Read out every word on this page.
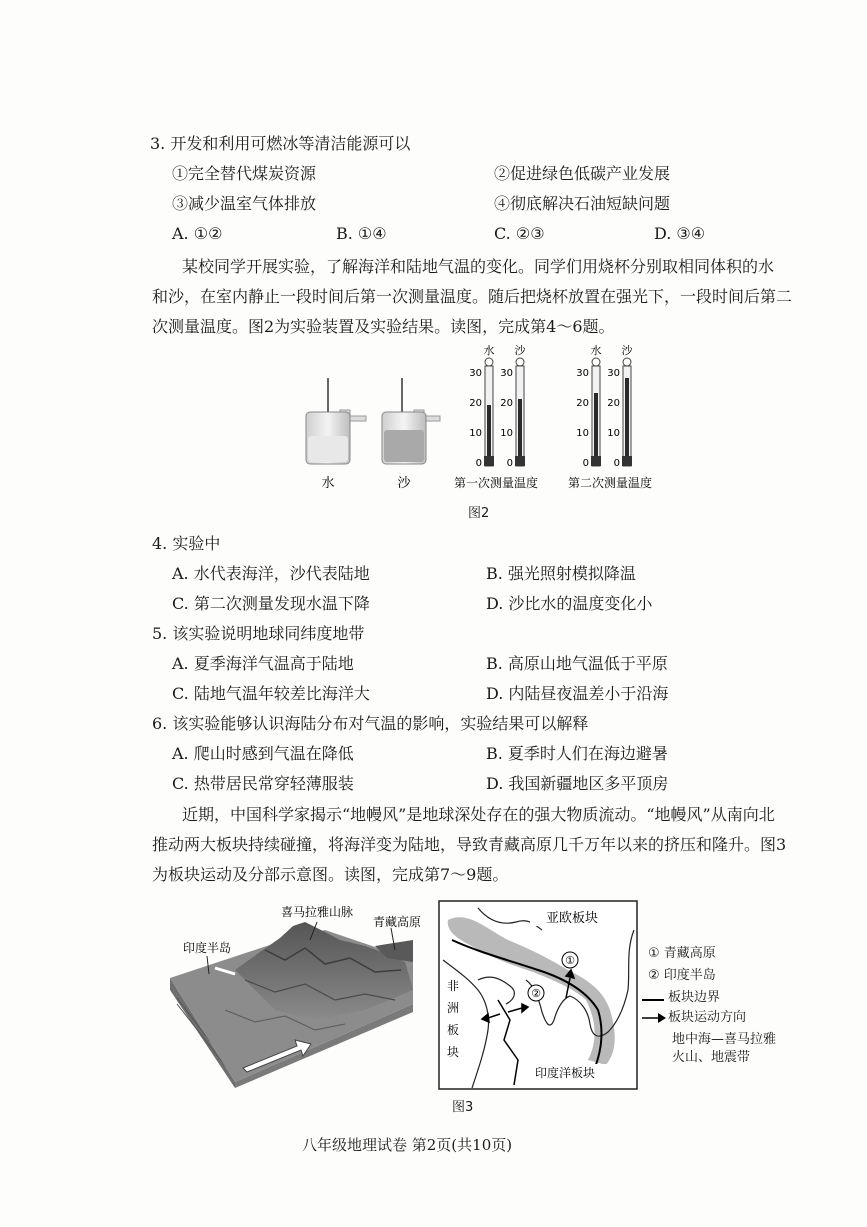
3. 开发和利用可燃冰等清洁能源可以
①完全替代煤炭资源	②促进绿色低碳产业发展
③减少温室气体排放	④彻底解决石油短缺问题
A. ①②	B. ①④	C. ②③	D. ③④
某校同学开展实验，了解海洋和陆地气温的变化。同学们用烧杯分别取相同体积的水
和沙，在室内静止一段时间后第一次测量温度。随后把烧杯放置在强光下，一段时间后第二
次测量温度。图2为实验装置及实验结果。读图，完成第4～6题。
水	沙
水 沙
30
20
10
0
30
20
10
0
第一次测量温度
水 沙
30
20
10
0
30
20
10
0
第二次测量温度
图2
4. 实验中
A. 水代表海洋，沙代表陆地	B. 强光照射模拟降温
C. 第二次测量发现水温下降	D. 沙比水的温度变化小
5. 该实验说明地球同纬度地带
A. 夏季海洋气温高于陆地	B. 高原山地气温低于平原
C. 陆地气温年较差比海洋大	D. 内陆昼夜温差小于沿海
6. 该实验能够认识海陆分布对气温的影响，实验结果可以解释
A. 爬山时感到气温在降低	B. 夏季时人们在海边避暑
C. 热带居民常穿轻薄服装	D. 我国新疆地区多平顶房
近期，中国科学家揭示“地幔风”是地球深处存在的强大物质流动。“地幔风”从南向北
推动两大板块持续碰撞，将海洋变为陆地，导致青藏高原几千万年以来的挤压和隆升。图3
为板块运动及分部示意图。读图，完成第7～9题。
喜马拉雅山脉
青藏高原
印度半岛
①
②
亚欧板块
非
洲
板
块
印度洋板块
① 青藏高原
② 印度半岛
板块边界
板块运动方向
地中海—喜马拉雅
火山、地震带
图3
八年级地理试卷 第2页(共10页)
